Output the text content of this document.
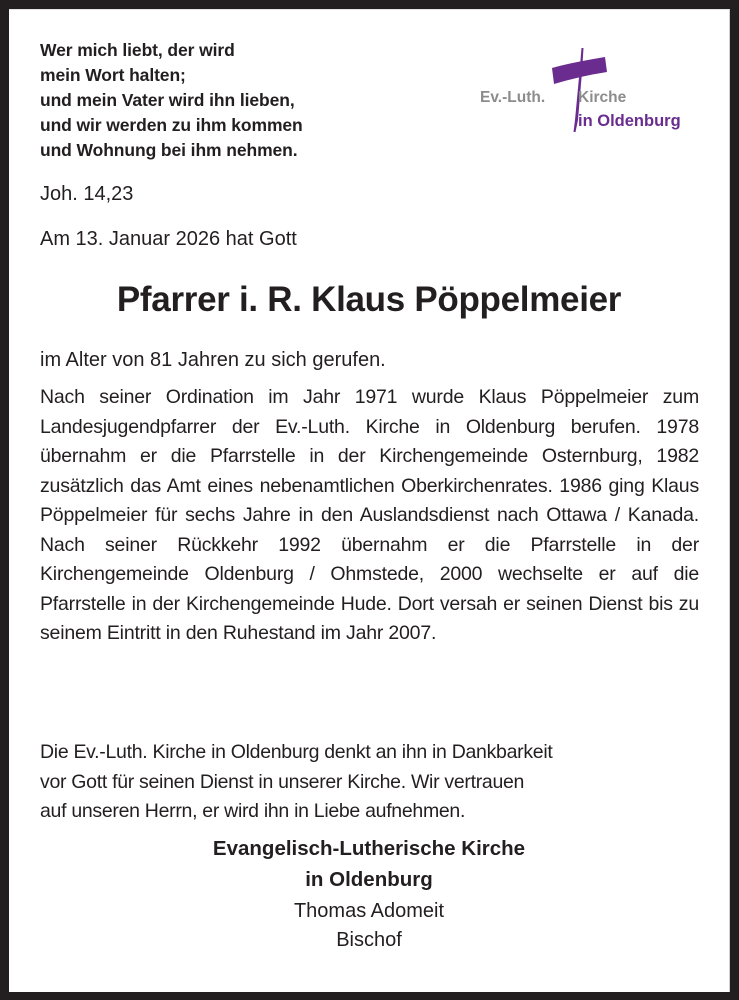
Wer mich liebt, der wird
mein Wort halten;
und mein Vater wird ihn lieben,
und wir werden zu ihm kommen
und Wohnung bei ihm nehmen.
Joh. 14,23
Am 13. Januar 2026 hat Gott
Ev.-Luth. Kirche
in Oldenburg
Pfarrer i. R. Klaus Pöppelmeier
im Alter von 81 Jahren zu sich gerufen.
Nach seiner Ordination im Jahr 1971 wurde Klaus Pöppelmeier zum Landesjugendpfarrer der Ev.-Luth. Kirche in Oldenburg berufen. 1978 übernahm er die Pfarrstelle in der Kirchengemeinde Osternburg, 1982 zusätzlich das Amt eines nebenamtlichen Oberkirchenrates. 1986 ging Klaus Pöppelmeier für sechs Jahre in den Auslandsdienst nach Ottawa / Kanada. Nach seiner Rückkehr 1992 übernahm er die Pfarrstelle in der Kirchengemeinde Oldenburg / Ohmstede, 2000 wechselte er auf die Pfarrstelle in der Kirchengemeinde Hude. Dort versah er seinen Dienst bis zu seinem Eintritt in den Ruhestand im Jahr 2007.
Die Ev.-Luth. Kirche in Oldenburg denkt an ihn in Dankbarkeit
vor Gott für seinen Dienst in unserer Kirche. Wir vertrauen
auf unseren Herrn, er wird ihn in Liebe aufnehmen.
Evangelisch-Lutherische Kirche
in Oldenburg
Thomas Adomeit
Bischof
